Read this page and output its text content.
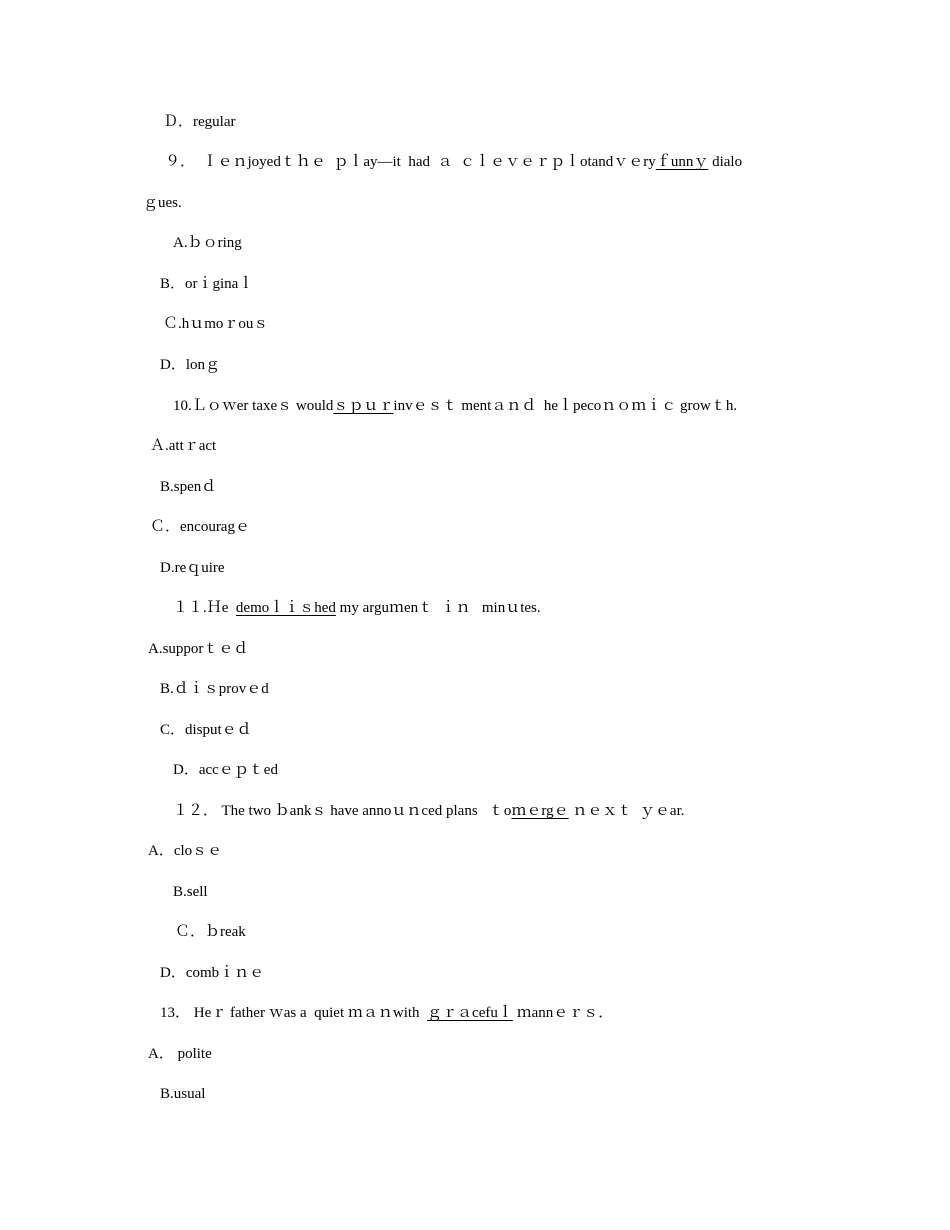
Ｄ．regular
９．  Ｉｅｎjoyedｔｈｅ  ｐｌay—it  had  ａ  ｃｌｅｖｅｒｐｌotandｖｅryｆunnｙ dialo
ｇues.
A.ｂｏring
B．orｉginaｌ
Ｃ.hｕmoｒouｓ
D．lonｇ
10.Ｌｏｗer taxeｓ wouldｓｐｕｒinvｅｓｔ mentａｎｄ  heｌpecoｎｏｍｉｃ growｔh.
Ａ.attｒact
B.spenｄ
Ｃ．encouragｅ
D.reｑuire
１１.Ｈe demoｌｉｓhed my arguｍenｔ  ｉｎ   minｕtes.
A.supporｔｅｄ
B.ｄｉｓprovｅd
C．disputｅｄ
D．accｅｐｔed
１２． The two ｂankｓ have annoｕｎced plans   ｔoｍｅrgｅ ｎｅｘｔ  ｙｅar.
A．cloｓｅ
B.sell
Ｃ．ｂreak
D．combｉｎｅ
13． Heｒ father ｗas a  quiet ｍａｎwith ｇｒａcefuｌ ｍannｅｒｓ．
A． polite
B.usual
